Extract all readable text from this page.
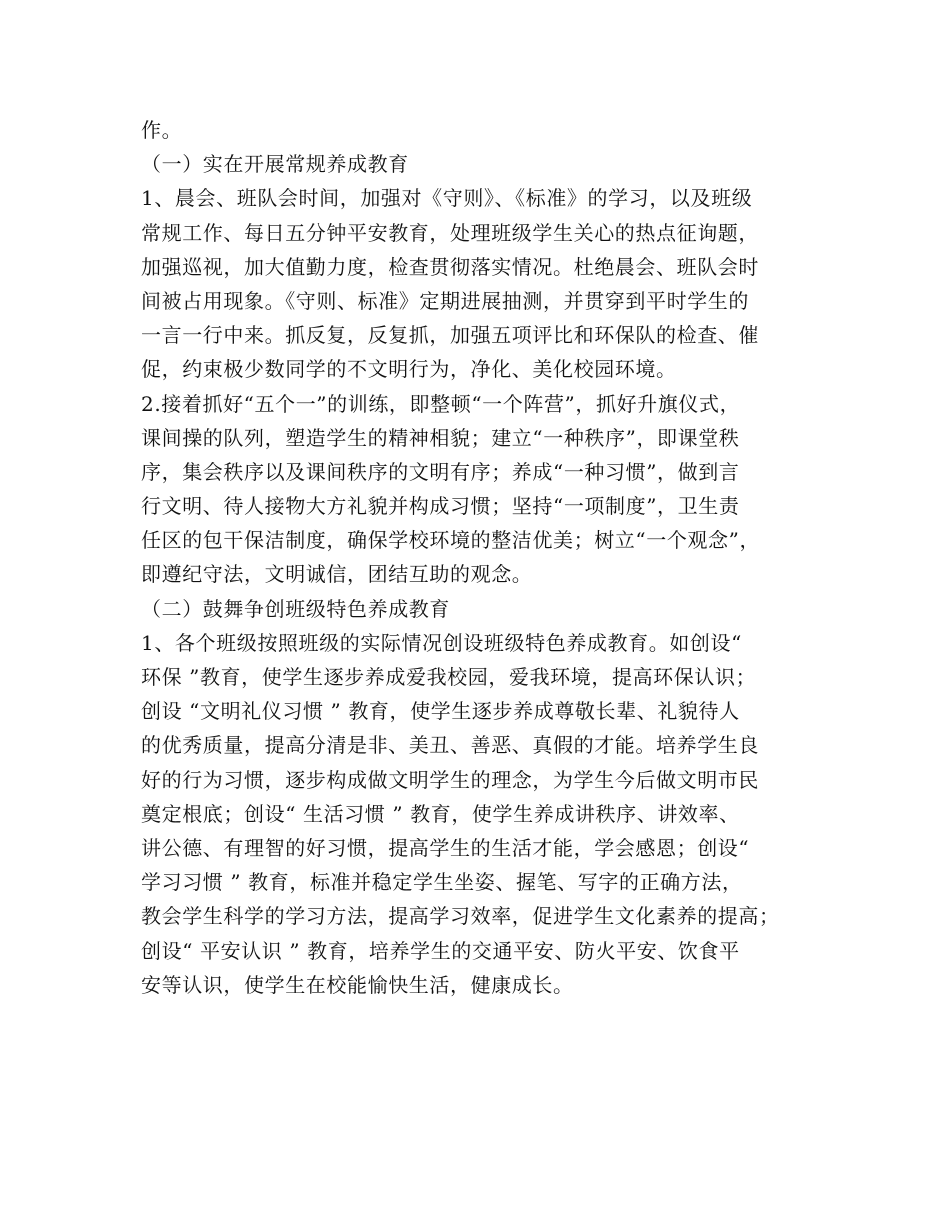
作。
（一）实在开展常规养成教育
1、晨会、班队会时间，加强对《守则》、《标准》的学习，以及班级
常规工作、每日五分钟平安教育，处理班级学生关心的热点征询题，
加强巡视，加大值勤力度，检查贯彻落实情况。杜绝晨会、班队会时
间被占用现象。《守则、标准》定期进展抽测，并贯穿到平时学生的
一言一行中来。抓反复，反复抓，加强五项评比和环保队的检查、催
促，约束极少数同学的不文明行为，净化、美化校园环境。
2.接着抓好“五个一”的训练，即整顿“一个阵营”，抓好升旗仪式，
课间操的队列，塑造学生的精神相貌；建立“一种秩序”，即课堂秩
序，集会秩序以及课间秩序的文明有序；养成“一种习惯”，做到言
行文明、待人接物大方礼貌并构成习惯；坚持“一项制度”，卫生责
任区的包干保洁制度，确保学校环境的整洁优美；树立“一个观念”，
即遵纪守法，文明诚信，团结互助的观念。
（二）鼓舞争创班级特色养成教育
1、各个班级按照班级的实际情况创设班级特色养成教育。如创设“
环保 ”教育，使学生逐步养成爱我校园，爱我环境，提高环保认识；
创设 “文明礼仪习惯 ” 教育，使学生逐步养成尊敬长辈、礼貌待人
的优秀质量，提高分清是非、美丑、善恶、真假的才能。培养学生良
好的行为习惯，逐步构成做文明学生的理念，为学生今后做文明市民
奠定根底；创设“ 生活习惯 ” 教育，使学生养成讲秩序、讲效率、
讲公德、有理智的好习惯，提高学生的生活才能，学会感恩；创设“
学习习惯 ” 教育，标准并稳定学生坐姿、握笔、写字的正确方法，
教会学生科学的学习方法，提高学习效率，促进学生文化素养的提高；
创设“ 平安认识 ” 教育，培养学生的交通平安、防火平安、饮食平
安等认识，使学生在校能愉快生活，健康成长。
